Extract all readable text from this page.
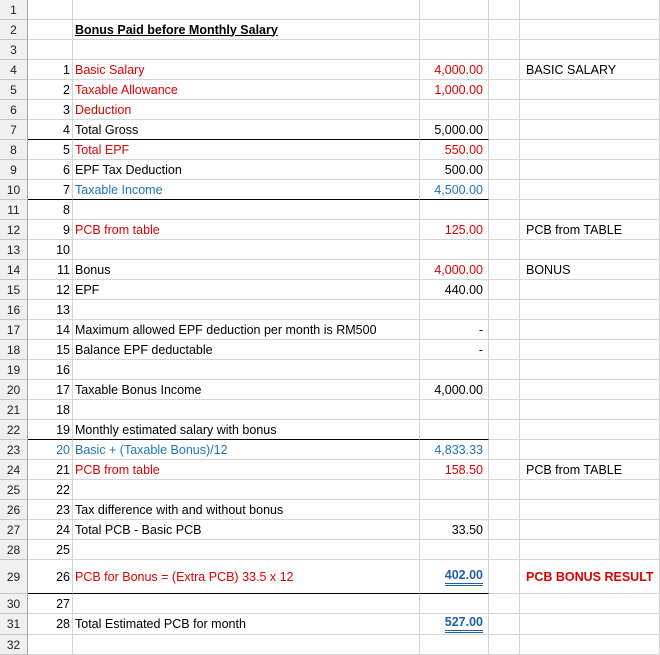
1
2	Bonus Paid before Monthly Salary
3
4	1 Basic Salary	4,000.00	BASIC SALARY
5	2 Taxable Allowance	1,000.00
6	3 Deduction
7	4 Total Gross	5,000.00
8	5 Total EPF	550.00
9	6 EPF Tax Deduction	500.00
10	7 Taxable Income	4,500.00
11	8
12	9 PCB from table	125.00	PCB from TABLE
13	10
14	11 Bonus	4,000.00	BONUS
15	12 EPF	440.00
16	13
17	14 Maximum allowed EPF deduction per month is RM500	-
18	15 Balance EPF deductable	-
19	16
20	17 Taxable Bonus Income	4,000.00
21	18
22	19 Monthly estimated salary with bonus
23	20 Basic + (Taxable Bonus)/12	4,833.33
24	21 PCB from table	158.50	PCB from TABLE
25	22
26	23 Tax difference with and without bonus
27	24 Total PCB - Basic PCB	33.50
28	25
29	26 PCB for Bonus = (Extra PCB) 33.5 x 12	402.00	PCB BONUS RESULT
30	27
31	28 Total Estimated PCB for month	527.00
32
